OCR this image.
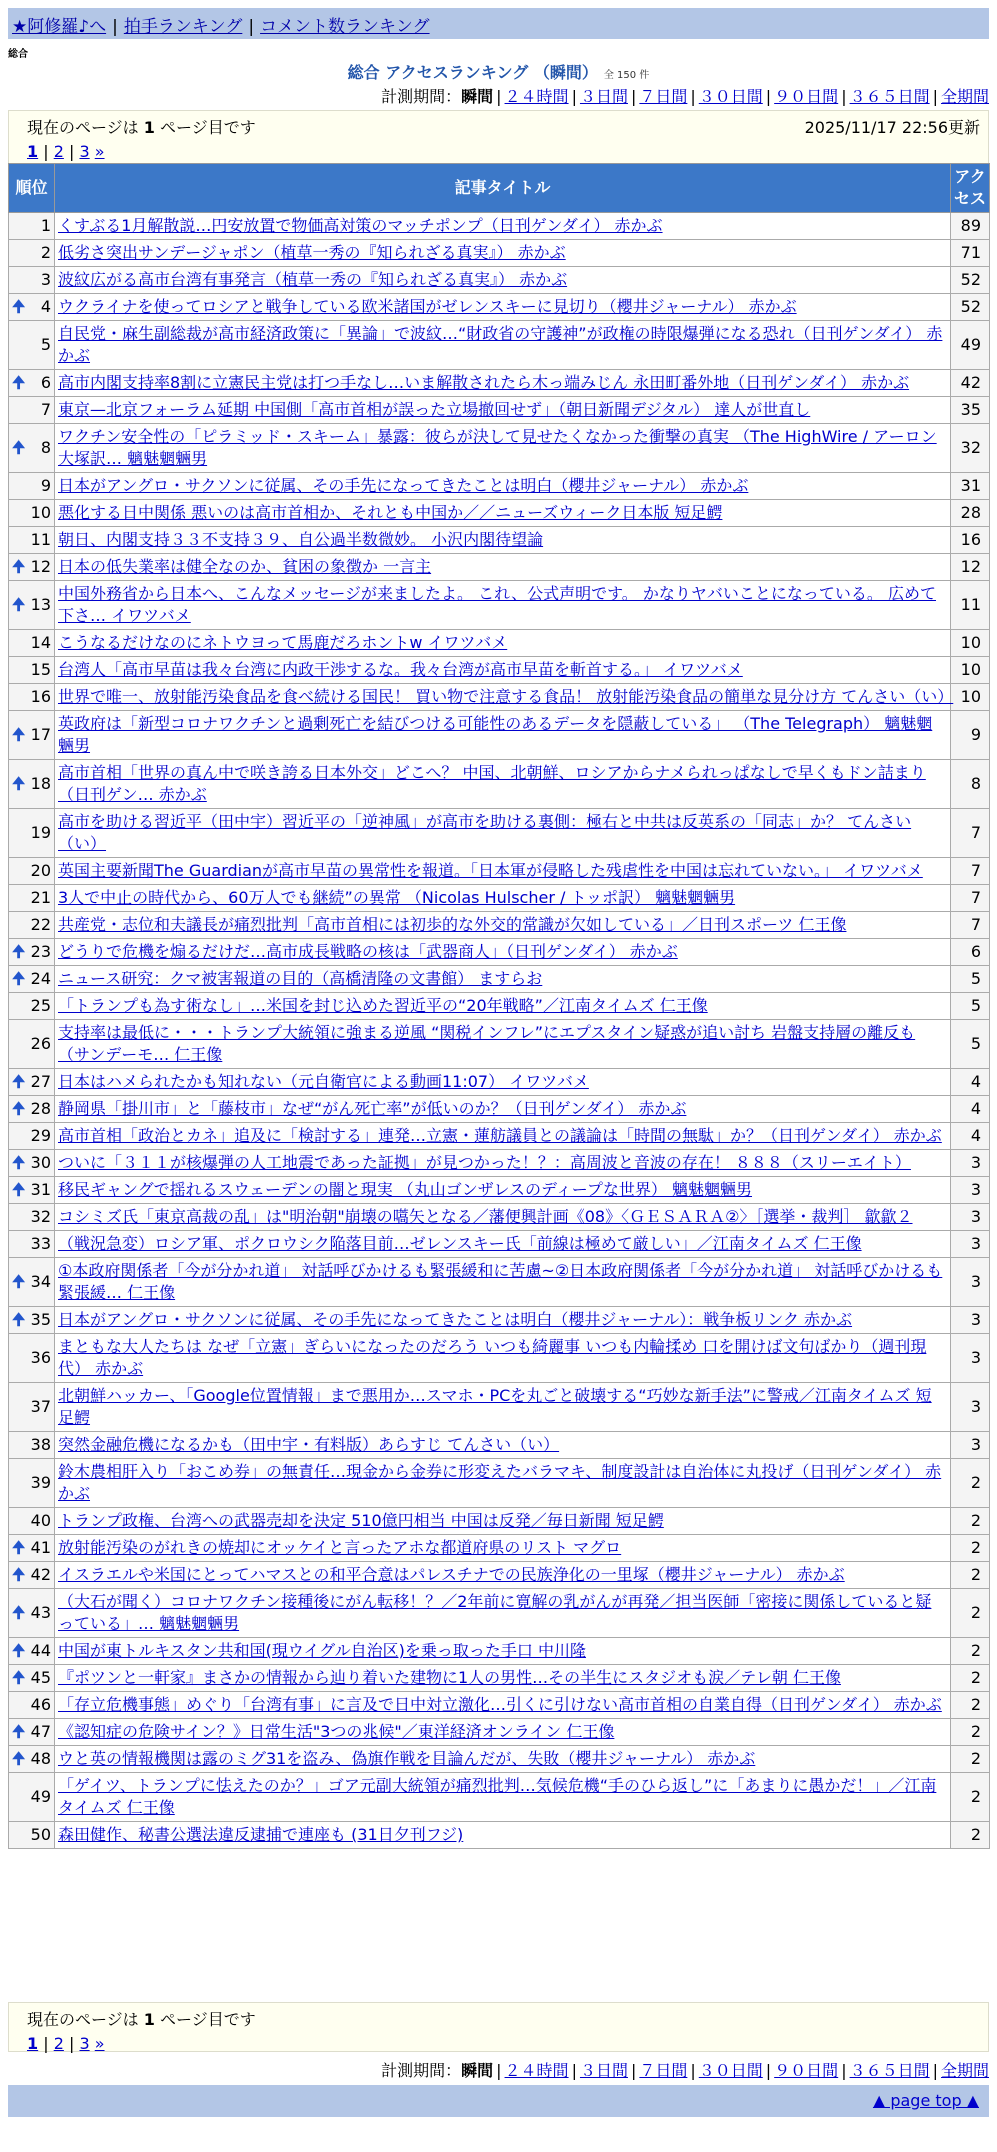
★阿修羅♪へ | 拍手ランキング | コメント数ランキング
総合
総合 アクセスランキング （瞬間） 全 150 件
計測期間：瞬間 | ２４時間 | ３日間 | ７日間 | ３０日間 | ９０日間 | ３６５日間 | 全期間
現在のページは 1 ページ目です	2025/11/17 22:56更新
1 | 2 | 3 »
順位	記事タイトル	アクセス
1	くすぶる1月解散説…円安放置で物価高対策のマッチポンプ（日刊ゲンダイ） 赤かぶ	89
2	低劣さ突出サンデージャポン（植草一秀の『知られざる真実』） 赤かぶ	71
3	波紋広がる高市台湾有事発言（植草一秀の『知られざる真実』） 赤かぶ	52

🠉 4	ウクライナを使ってロシアと戦争している欧米諸国がゼレンスキーに見切り（櫻井ジャーナル） 赤かぶ	52
5	自民党・麻生副総裁が高市経済政策に「異論」で波紋…“財政省の守護神”が政権の時限爆弾になる恐れ（日刊ゲンダイ） 赤かぶ	49

🠉 6	高市内閣支持率8割に立憲民主党は打つ手なし…いま解散されたら木っ端みじん 永田町番外地（日刊ゲンダイ） 赤かぶ	42
7	東京—北京フォーラム延期 中国側「高市首相が誤った立場撤回せず」（朝日新聞デジタル） 達人が世直し	35

🠉 8	ワクチン安全性の「ピラミッド・スキーム」暴露：彼らが決して見せたくなかった衝撃の真実 （The HighWire / アーロン大塚訳… 魑魅魍魎男	32
9	日本がアングロ・サクソンに従属、その手先になってきたことは明白（櫻井ジャーナル） 赤かぶ	31
10	悪化する日中関係 悪いのは高市首相か、それとも中国か／／ニューズウィーク日本版 短足鰐	28
11	朝日、内閣支持３３不支持３９、自公過半数微妙。 小沢内閣待望論	16

🠉 12	日本の低失業率は健全なのか、貧困の象徴か 一言主	12

🠉 13	中国外務省から日本へ、こんなメッセージが来ましたよ。 これ、公式声明です。 かなりヤバいことになっている。 広めて下さ… イワツバメ	11
14	こうなるだけなのにネトウヨって馬鹿だろホントw イワツバメ	10
15	台湾人「高市早苗は我々台湾に内政干渉するな。我々台湾が高市早苗を斬首する。」 イワツバメ	10
16	世界で唯一、放射能汚染食品を食べ続ける国民！ 買い物で注意する食品！ 放射能汚染食品の簡単な見分け方 てんさい（い）	10

🠉 17	英政府は「新型コロナワクチンと過剰死亡を結びつける可能性のあるデータを隠蔽している」 （The Telegraph） 魑魅魍魎男	9

🠉 18	高市首相「世界の真ん中で咲き誇る日本外交」どこへ？ 中国、北朝鮮、ロシアからナメられっぱなしで早くもドン詰まり（日刊ゲン… 赤かぶ	8
19	高市を助ける習近平（田中宇）習近平の「逆神風」が高市を助ける裏側：極右と中共は反英系の「同志」か？ てんさい（い）	7
20	英国主要新聞The Guardianが高市早苗の異常性を報道。「日本軍が侵略した残虐性を中国は忘れていない。」 イワツバメ	7
21	3人で中止の時代から、60万人でも継続”の異常 （Nicolas Hulscher / トッポ訳） 魑魅魍魎男	7
22	共産党・志位和夫議長が痛烈批判「高市首相には初歩的な外交的常識が欠如している」／日刊スポーツ 仁王像	7

🠉 23	どうりで危機を煽るだけだ…高市成長戦略の核は「武器商人」（日刊ゲンダイ） 赤かぶ	6

🠉 24	ニュース研究：クマ被害報道の目的（高橋清隆の文書館） ますらお	5
25	「トランプも為す術なし」…米国を封じ込めた習近平の“20年戦略”／江南タイムズ 仁王像	5
26	支持率は最低に・・・トランプ大統領に強まる逆風 “関税インフレ”にエプスタイン疑惑が追い討ち 岩盤支持層の離反も（サンデーモ… 仁王像	5

🠉 27	日本はハメられたかも知れない（元自衛官による動画11:07） イワツバメ	4

🠉 28	静岡県「掛川市」と「藤枝市」なぜ“がん死亡率”が低いのか？（日刊ゲンダイ） 赤かぶ	4
29	高市首相「政治とカネ」追及に「検討する」連発…立憲・蓮舫議員との議論は「時間の無駄」か？（日刊ゲンダイ） 赤かぶ	4

🠉 30	ついに「３１１が核爆弾の人工地震であった証拠」が見つかった！？：高周波と音波の存在！ ８８８（スリーエイト）	3

🠉 31	移民ギャングで揺れるスウェーデンの闇と現実 （丸山ゴンザレスのディープな世界） 魑魅魍魎男	3
32	コシミズ氏「東京高裁の乱」は"明治朝"崩壊の嚆矢となる／藩便興計画《08》〈ＧＥＳＡＲＡ②〉［選挙・裁判］ 歙歙２	3
33	（戦況急変）ロシア軍、ポクロウシク陥落目前…ゼレンスキー氏「前線は極めて厳しい」／江南タイムズ 仁王像	3

🠉 34	①本政府関係者「今が分かれ道」 対話呼びかけるも緊張緩和に苦慮~②日本政府関係者「今が分かれ道」 対話呼びかけるも緊張緩… 仁王像	3

🠉 35	日本がアングロ・サクソンに従属、その手先になってきたことは明白（櫻井ジャーナル）：戦争板リンク 赤かぶ	3
36	まともな大人たちは なぜ「立憲」ぎらいになったのだろう いつも綺麗事 いつも内輪揉め 口を開けば文句ばかり（週刊現代） 赤かぶ	3
37	北朝鮮ハッカー、「Google位置情報」まで悪用か…スマホ・PCを丸ごと破壊する“巧妙な新手法”に警戒／江南タイムズ 短足鰐	3
38	突然金融危機になるかも（田中宇・有料版）あらすじ てんさい（い）	3
39	鈴木農相肝入り「おこめ券」の無責任…現金から金券に形変えたバラマキ、制度設計は自治体に丸投げ（日刊ゲンダイ） 赤かぶ	2
40	トランプ政権、台湾への武器売却を決定 510億円相当 中国は反発／毎日新聞 短足鰐	2

🠉 41	放射能汚染のがれきの焼却にオッケイと言ったアホな都道府県のリスト マグロ	2

🠉 42	イスラエルや米国にとってハマスとの和平合意はパレスチナでの民族浄化の一里塚（櫻井ジャーナル） 赤かぶ	2

🠉 43	（大石が聞く）コロナワクチン接種後にがん転移！？／2年前に寛解の乳がんが再発／担当医師「密接に関係していると疑っている」… 魑魅魍魎男	2

🠉 44	中国が東トルキスタン共和国(現ウイグル自治区)を乗っ取った手口 中川隆	2

🠉 45	『ポツンと一軒家』まさかの情報から辿り着いた建物に1人の男性…その半生にスタジオも涙／テレ朝 仁王像	2
46	「存立危機事態」めぐり「台湾有事」に言及で日中対立激化…引くに引けない高市首相の自業自得（日刊ゲンダイ） 赤かぶ	2

🠉 47	《認知症の危険サイン？》日常生活"3つの兆候"／東洋経済オンライン 仁王像	2

🠉 48	ウと英の情報機関は露のミグ31を盗み、偽旗作戦を目論んだが、失敗（櫻井ジャーナル） 赤かぶ	2
49	「ゲイツ、トランプに怯えたのか？」ゴア元副大統領が痛烈批判…気候危機“手のひら返し”に「あまりに愚かだ！」／江南タイムズ 仁王像	2
50	森田健作、秘書公選法違反逮捕で連座も (31日夕刊フジ)	2
現在のページは 1 ページ目です
1 | 2 | 3 »
計測期間：瞬間 | ２４時間 | ３日間 | ７日間 | ３０日間 | ９０日間 | ３６５日間 | 全期間
▲ page top ▲
